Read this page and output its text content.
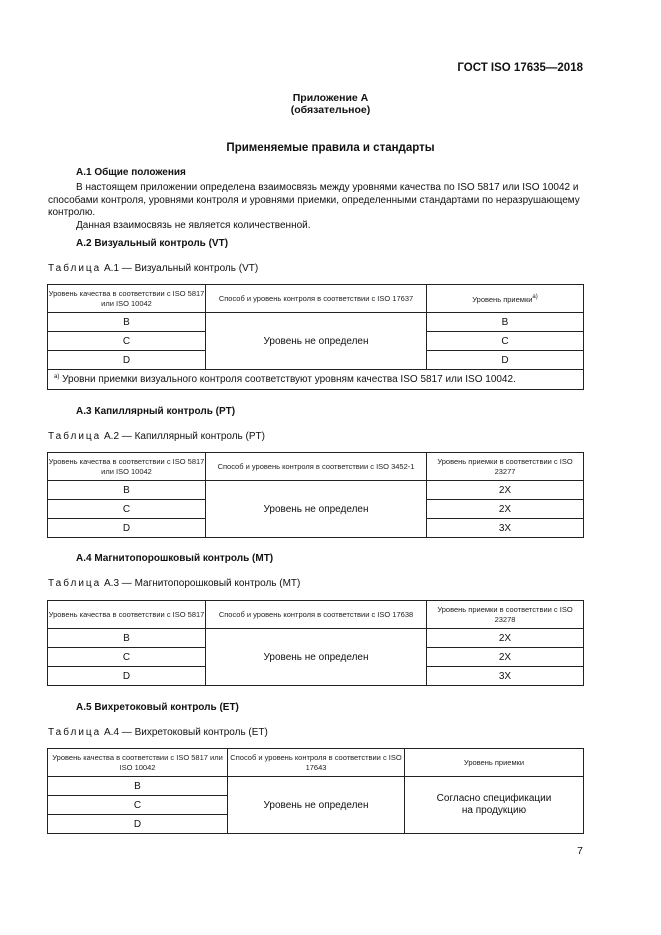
ГОСТ ISO 17635—2018
Приложение А
(обязательное)
Применяемые правила и стандарты
А.1 Общие положения

В настоящем приложении определена взаимосвязь между уровнями качества по ISO 5817 или ISO 10042 и способами контроля, уровнями контроля и уровнями приемки, определенными стандартами по неразрушающему контролю.

Данная взаимосвязь не является количественной.

А.2 Визуальный контроль (VT)
Таблица А.1 — Визуальный контроль (VT)
Уровень качества в соответствии с ISO 5817 или ISO 10042	Способ и уровень контроля в соответствии с ISO 17637	Уровень приемки$^{а)}$
B	Уровень не определен	B
C		C
D		D
$^{а)}$ Уровни приемки визуального контроля соответствуют уровням качества ISO 5817 или ISO 10042.		
А.3 Капиллярный контроль (PT)
Таблица А.2 — Капиллярный контроль (PT)
Уровень качества в соответствии с ISO 5817 или ISO 10042	Способ и уровень контроля в соответствии с ISO 3452-1	Уровень приемки в соответствии с ISO 23277
B	Уровень не определен	2X
C		2X
D		3X
А.4 Магнитопорошковый контроль (MT)
Таблица А.3 — Магнитопорошковый контроль (MT)
Уровень качества в соответствии с ISO 5817	Способ и уровень контроля в соответствии с ISO 17638	Уровень приемки в соответствии с ISO 23278
B	Уровень не определен	2X
C		2X
D		3X
А.5 Вихретоковый контроль (ET)
Таблица А.4 — Вихретоковый контроль (ET)
Уровень качества в соответствии с ISO 5817 или ISO 10042	Способ и уровень контроля в соответствии с ISO 17643	Уровень приемки
B	Уровень не определен	Согласно спецификации на продукцию
C		
D		
7
